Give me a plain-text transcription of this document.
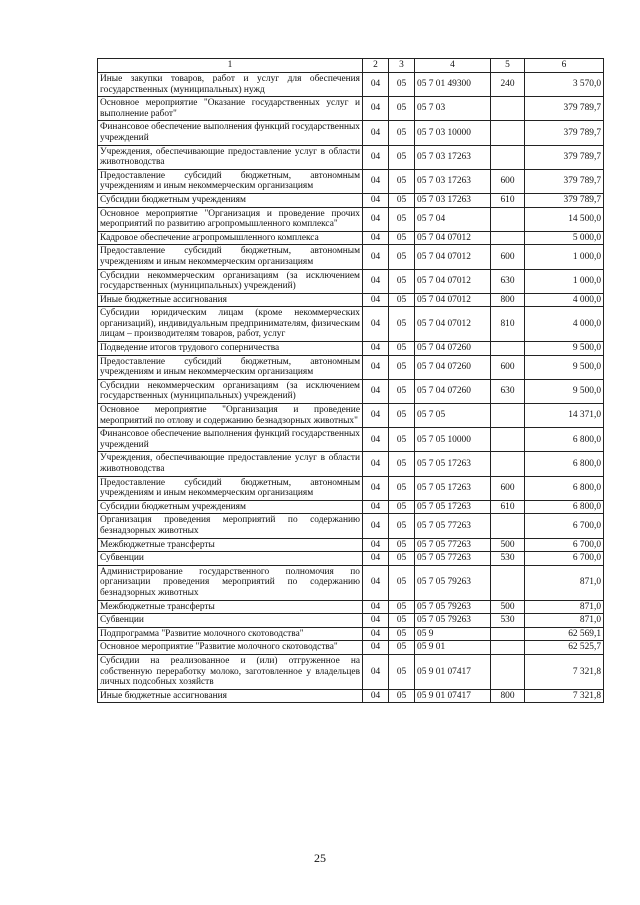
1	2	3	4	5	6
Иные закупки товаров, работ и услуг для обеспечения государственных (муниципальных) нужд	04	05	05 7 01 49300	240	3 570,0
Основное мероприятие "Оказание государственных услуг и выполнение работ"	04	05	05 7 03		379 789,7
Финансовое обеспечение выполнения функций государственных учреждений	04	05	05 7 03 10000		379 789,7
Учреждения, обеспечивающие предоставление услуг в области животноводства	04	05	05 7 03 17263		379 789,7
Предоставление субсидий бюджетным, автономным учреждениям и иным некоммерческим организациям	04	05	05 7 03 17263	600	379 789,7
Субсидии бюджетным учреждениям	04	05	05 7 03 17263	610	379 789,7
Основное мероприятие "Организация и проведение прочих мероприятий по развитию агропромышленного комплекса"	04	05	05 7 04		14 500,0
Кадровое обеспечение агропромышленного комплекса	04	05	05 7 04 07012		5 000,0
Предоставление субсидий бюджетным, автономным учреждениям и иным некоммерческим организациям	04	05	05 7 04 07012	600	1 000,0
Субсидии некоммерческим организациям (за исключением государственных (муниципальных) учреждений)	04	05	05 7 04 07012	630	1 000,0
Иные бюджетные ассигнования	04	05	05 7 04 07012	800	4 000,0
Субсидии юридическим лицам (кроме некоммерческих организаций), индивидуальным предпринимателям, физическим лицам – производителям товаров, работ, услуг	04	05	05 7 04 07012	810	4 000,0
Подведение итогов трудового соперничества	04	05	05 7 04 07260		9 500,0
Предоставление субсидий бюджетным, автономным учреждениям и иным некоммерческим организациям	04	05	05 7 04 07260	600	9 500,0
Субсидии некоммерческим организациям (за исключением государственных (муниципальных) учреждений)	04	05	05 7 04 07260	630	9 500,0
Основное мероприятие "Организация и проведение мероприятий по отлову и содержанию безнадзорных животных"	04	05	05 7 05		14 371,0
Финансовое обеспечение выполнения функций государственных учреждений	04	05	05 7 05 10000		6 800,0
Учреждения, обеспечивающие предоставление услуг в области животноводства	04	05	05 7 05 17263		6 800,0
Предоставление субсидий бюджетным, автономным учреждениям и иным некоммерческим организациям	04	05	05 7 05 17263	600	6 800,0
Субсидии бюджетным учреждениям	04	05	05 7 05 17263	610	6 800,0
Организация проведения мероприятий по содержанию безнадзорных животных	04	05	05 7 05 77263		6 700,0
Межбюджетные трансферты	04	05	05 7 05 77263	500	6 700,0
Субвенции	04	05	05 7 05 77263	530	6 700,0
Администрирование государственного полномочия по организации проведения мероприятий по содержанию безнадзорных животных	04	05	05 7 05 79263		871,0
Межбюджетные трансферты	04	05	05 7 05 79263	500	871,0
Субвенции	04	05	05 7 05 79263	530	871,0
Подпрограмма "Развитие молочного скотоводства"	04	05	05 9		62 569,1
Основное мероприятие "Развитие молочного скотоводства"	04	05	05 9 01		62 525,7
Субсидии на реализованное и (или) отгруженное на собственную переработку молоко, заготовленное у владельцев личных подсобных хозяйств	04	05	05 9 01 07417		7 321,8
Иные бюджетные ассигнования	04	05	05 9 01 07417	800	7 321,8
25
